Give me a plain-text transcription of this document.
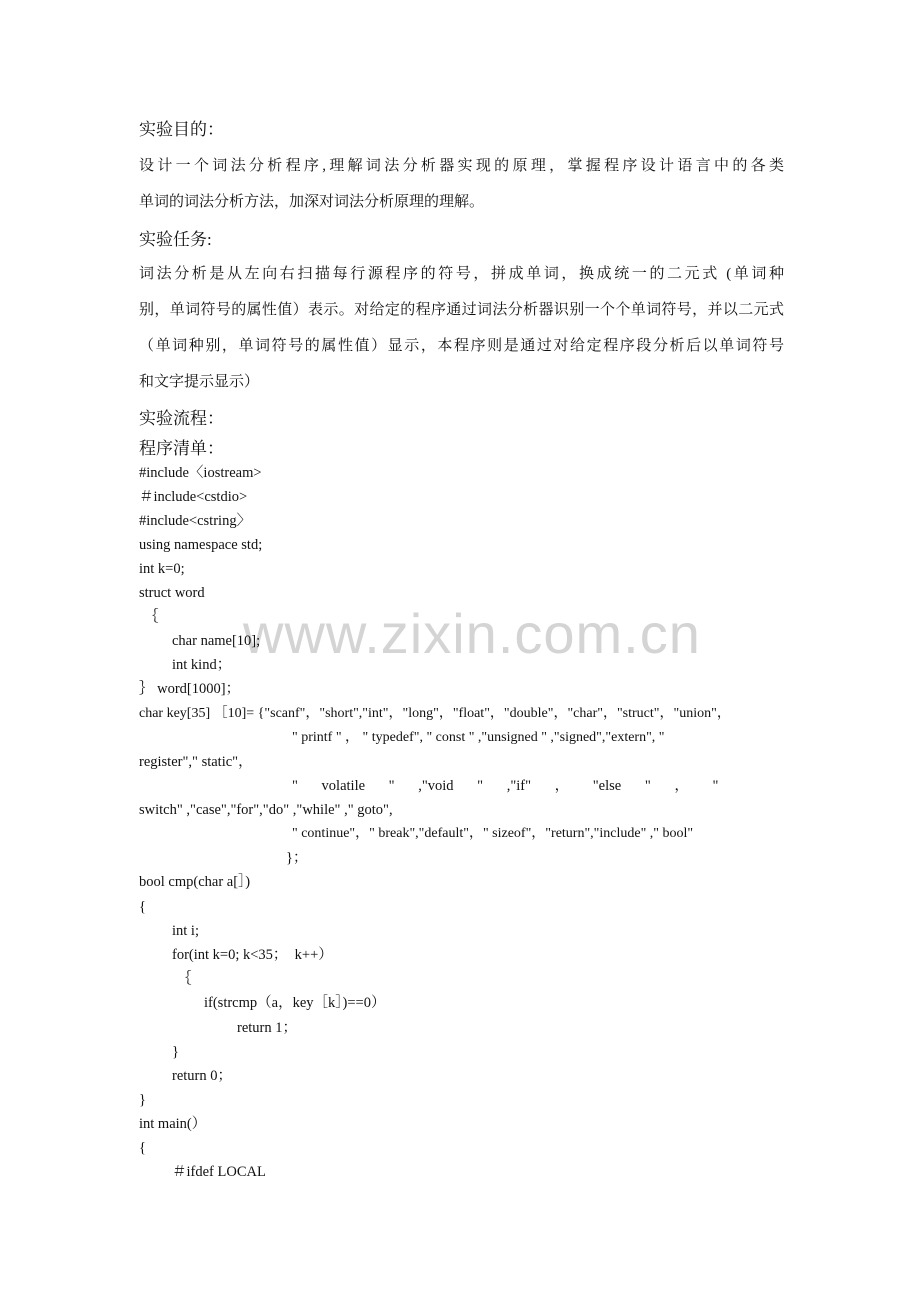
实验目的：
设计一个词法分析程序,理解词法分析器实现的原理，掌握程序设计语言中的各类
单词的词法分析方法，加深对词法分析原理的理解。
实验任务:
词法分析是从左向右扫描每行源程序的符号，拼成单词，换成统一的二元式 (单词种
别，单词符号的属性值）表示。对给定的程序通过词法分析器识别一个个单词符号，并以二元式
（单词种别，单词符号的属性值）显示，本程序则是通过对给定程序段分析后以单词符号
和文字提示显示）
实验流程：
程序清单：
www.zixin.com.cn
#include〈iostream>
＃include<cstdio>
#include<cstring〉
using namespace std;
int k=0;
struct word
｛
char name[10];
int kind；
｝ word[1000]；
char key[35] ［10]= {"scanf"，"short","int"，"long"，"float"，"double"，"char"，"struct"，"union"，
" printf " ， " typedef", " const " ,"unsigned " ,"signed","extern", "
register"," static"，
" volatile " ,"void " ,"if" ， "else " ， "
switch" ,"case","for","do" ,"while" ," goto",
" continue"，" break","default"，" sizeof"，"return","include" ," bool"
}；
bool cmp(char a[］)
{
int i;
for(int k=0; k<35；  k++）
｛
if(strcmp（a，key［k］)==0）
return 1；
}
return 0；
}
int main(）
{
＃ifdef LOCAL
